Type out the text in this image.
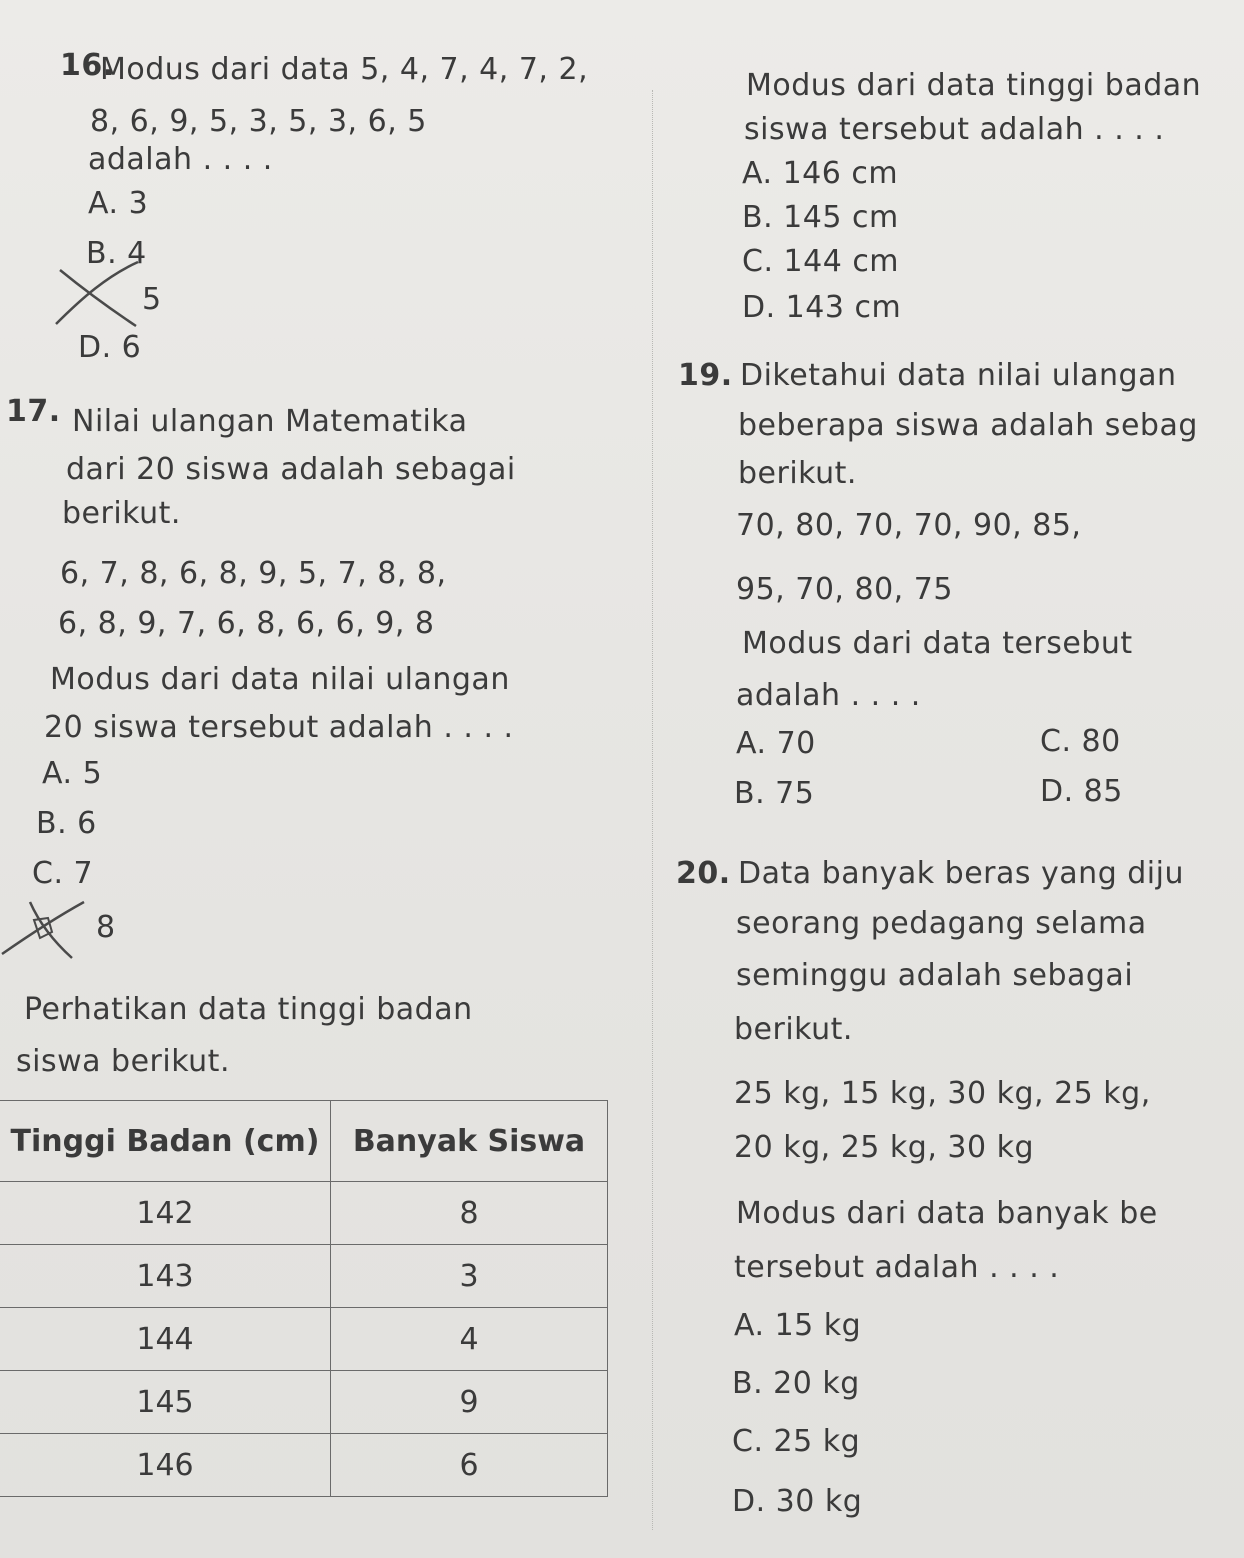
16.
Modus dari data 5, 4, 7, 4, 7, 2,
8, 6, 9, 5, 3, 5, 3, 6, 5
adalah . . . .
A. 3
B. 4
5
D. 6
17. Nilai ulangan Matematika
dari 20 siswa adalah sebagai
berikut.
6, 7, 8, 6, 8, 9, 5, 7, 8, 8,
6, 8, 9, 7, 6, 8, 6, 6, 9, 8
Modus dari data nilai ulangan
20 siswa tersebut adalah . . . .
A. 5
B. 6
C. 7
8
Perhatikan data tinggi badan
siswa berikut.
Tinggi Badan (cm)	Banyak Siswa
142	8
143	3
144	4
145	9
146	6
Modus dari data tinggi badan
siswa tersebut adalah . . . .
A. 146 cm
B. 145 cm
C. 144 cm
D. 143 cm
19. Diketahui data nilai ulangan
beberapa siswa adalah sebag
berikut.
70, 80, 70, 70, 90, 85,
95, 70, 80, 75
Modus dari data tersebut
adalah . . . .
A. 70	C. 80
B. 75	D. 85
20. Data banyak beras yang diju
seorang pedagang selama
seminggu adalah sebagai
berikut.
25 kg, 15 kg, 30 kg, 25 kg,
20 kg, 25 kg, 30 kg
Modus dari data banyak be
tersebut adalah . . . .
A. 15 kg
B. 20 kg
C. 25 kg
D. 30 kg
